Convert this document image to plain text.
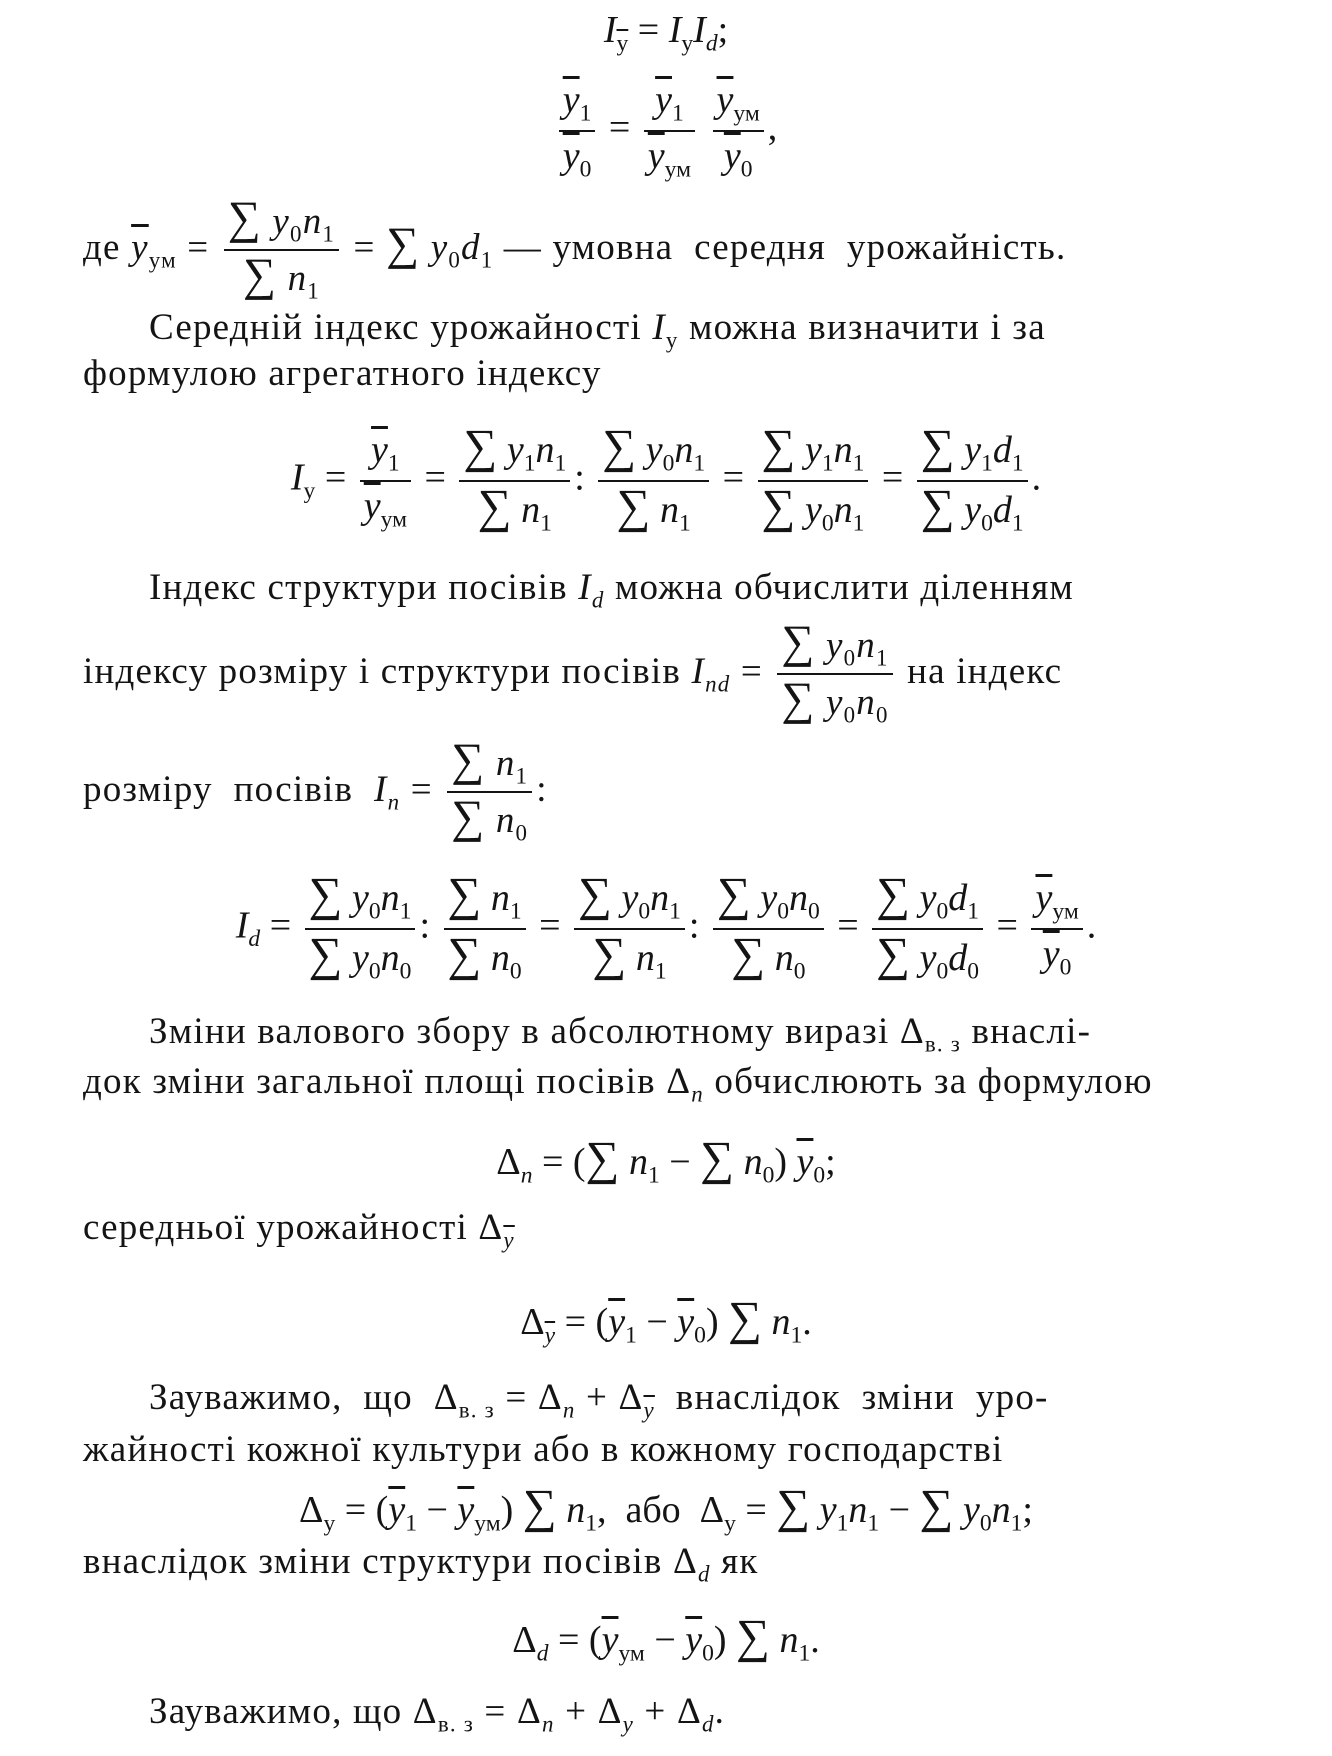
$I_у = I_уI_d$;
$\frac{\overline{y}_1}{\overline{y}_0} = \frac{\overline{y}_1}{\overline{y}_{ум}}$
$\frac{\overline{y}_{ум}}{\overline{y}_0}$ ,
де $\overline{y}_{ум} = \frac{\sum y_0n_1}{\sum n_1}$ = ∑ $y_0d_1$ — умовна  середня  урожайність.
Середній індекс урожайності $I_у$ можна визначити і за
формулою агрегатного індексу
$I_у = \frac{\overline{y}_1}{\overline{y}_{ум}} = \frac{\sum y_1n_1}{\sum n_1}$ : $\frac{\sum y_0n_1}{\sum n_1} = \frac{\sum y_1n_1}{\sum y_0n_1} = \frac{\sum y_1d_1}{\sum y_0d_1}$ .
Індекс структури посівів $I_d$ можна обчислити діленням
індексу розміру і структури посівів $I_{nd} = \frac{\sum y_0n_1}{\sum y_0n_0}$ на індекс
розміру  посівів  $I_n = \frac{\sum n_1}{\sum n_0}$ :
$I_d = \frac{\sum y_0n_1}{\sum y_0n_0}$ : $\frac{\sum n_1}{\sum n_0} = \frac{\sum y_0n_1}{\sum n_1}$ : $\frac{\sum y_0n_0}{\sum n_0} = \frac{\sum y_0d_1}{\sum y_0d_0} = \frac{\overline{y}_{ум}}{\overline{y}_0}$ .
Зміни валового збору в абсолютному виразі $\Delta_{в. з}$ внаслі-
док зміни загальної площі посівів $\Delta_n$ обчислюють за формулою
$\Delta_n$ = (∑ $n_1$ − ∑ $n_0$) $\overline{y}_0$;
середньої урожайності $\Delta_{\overline{y}}$
$\Delta_{\overline{y}} = (\overline{y}_1 - \overline{y}_0)$ ∑ $n_1$.
Зауважимо,  що  $\Delta_{в. з} = \Delta_n + \Delta_{\overline{y}}$  внаслідок  зміни  уро-
жайності кожної культури або в кожному господарстві
$\Delta_у = (\overline{y}_1 - \overline{y}_{ум})$ ∑ $n_1$,  або  $\Delta_у$ = ∑ $y_1n_1$ − ∑ $y_0n_1$;
внаслідок зміни структури посівів $\Delta_d$ як
$\Delta_d = (\overline{y}_{ум} - \overline{y}_0)$ ∑ $n_1$.
Зауважимо, що $\Delta_{в. з} = \Delta_n + \Delta_y + \Delta_d$.
